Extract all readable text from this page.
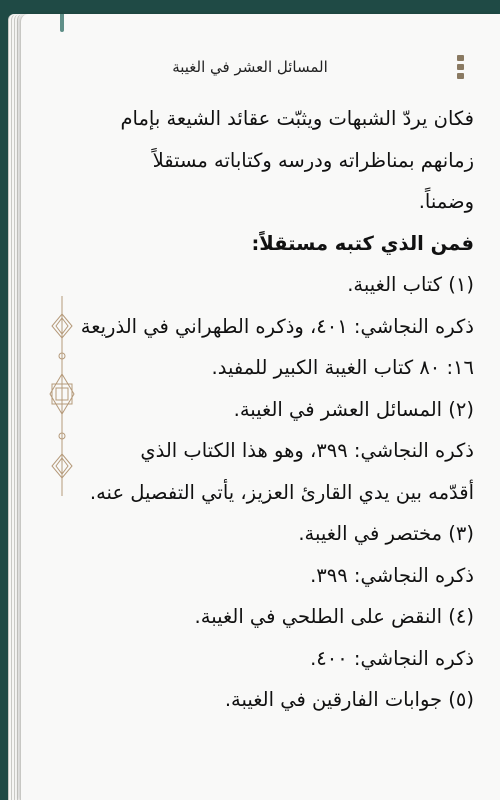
المسائل العشر في الغيبة

فكان يردّ الشبهات ويثبّت عقائد الشيعة بإمام

زمانهم بمناظراته ودرسه وكتاباته مستقلاً

وضمناً.

فمن الذي كتبه مستقلاً:

(١) كتاب الغيبة.

ذكره النجاشي: ٤٠١، وذكره الطهراني في الذريعة

١٦: ٨٠ كتاب الغيبة الكبير للمفيد.

(٢) المسائل العشر في الغيبة.

ذكره النجاشي: ٣٩٩، وهو هذا الكتاب الذي

أقدّمه بين يدي القارئ العزيز، يأتي التفصيل عنه.

(٣) مختصر في الغيبة.

ذكره النجاشي: ٣٩٩.

(٤) النقض على الطلحي في الغيبة.

ذكره النجاشي: ٤٠٠.

(٥) جوابات الفارقين في الغيبة.
